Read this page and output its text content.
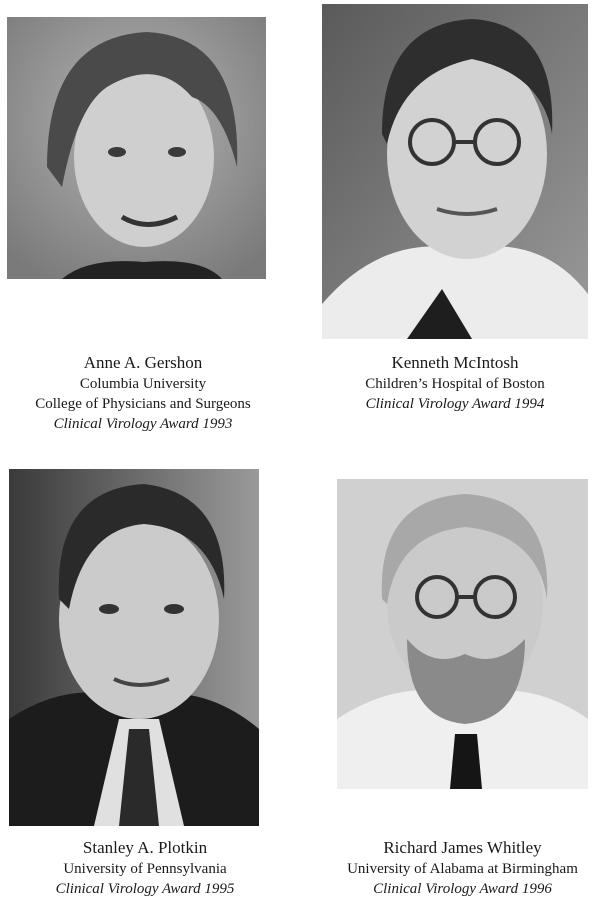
Anne A. Gershon
Columbia University
College of Physicians and Surgeons
Clinical Virology Award 1993
Kenneth McIntosh
Children’s Hospital of Boston
Clinical Virology Award 1994
Stanley A. Plotkin
University of Pennsylvania
Clinical Virology Award 1995
Richard James Whitley
University of Alabama at Birmingham
Clinical Virology Award 1996
